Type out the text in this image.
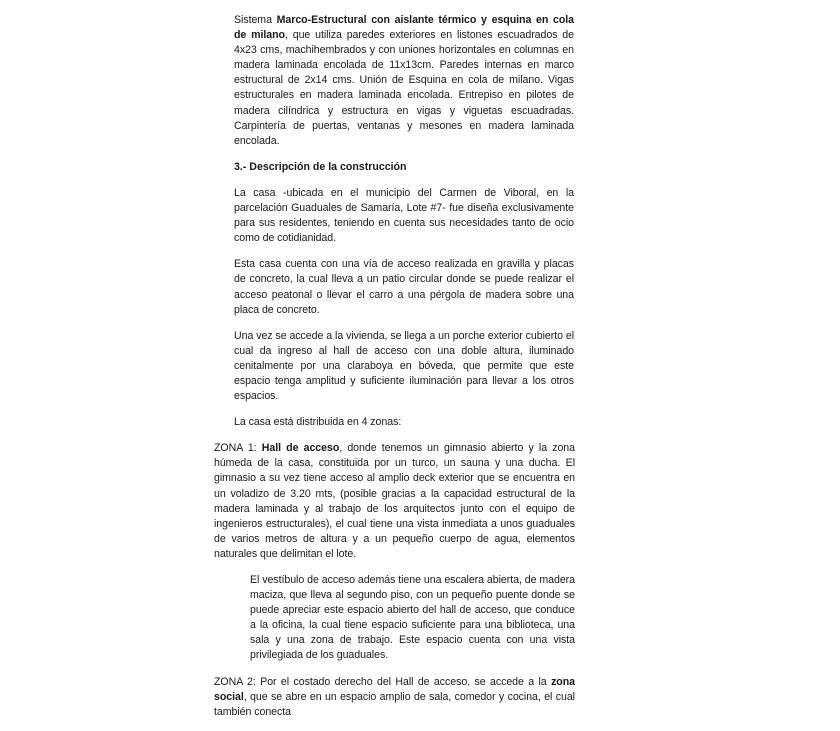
Sistema Marco-Estructural con aislante térmico y esquina en cola de milano, que utiliza paredes exteriores en listones escuadrados de 4x23 cms, machihembrados y con uniones horizontales en columnas en madera laminada encolada de 11x13cm. Paredes internas en marco estructural de 2x14 cms. Unión de Esquina en cola de milano. Vigas estructurales en madera laminada encolada. Entrepiso en pilotes de madera cilíndrica y estructura en vigas y viguetas escuadradas. Carpintería de puertas, ventanas y mesones en madera laminada encolada.

3.- Descripción de la construcción

La casa -ubicada en el municipio del Carmen de Viboral, en la parcelación Guaduales de Samaría, Lote #7- fue diseña exclusivamente para sus residentes, teniendo en cuenta sus necesidades tanto de ocio como de cotidianidad.

Esta casa cuenta con una vía de acceso realizada en gravilla y placas de concreto, la cual lleva a un patio circular donde se puede realizar el acceso peatonal o llevar el carro a una pérgola de madera sobre una placa de concreto.

Una vez se accede a la vivienda, se llega a un porche exterior cubierto el cual da ingreso al hall de acceso con una doble altura, iluminado cenitalmente por una claraboya en bóveda, que permite que este espacio tenga amplitud y suficiente iluminación para llevar a los otros espacios.

La casa está distribuida en 4 zonas:

ZONA 1: Hall de acceso, donde tenemos un gimnasio abierto y la zona húmeda de la casa, constituida por un turco, un sauna y una ducha. El gimnasio a su vez tiene acceso al amplio deck exterior que se encuentra en un voladizo de 3.20 mts, (posible gracias a la capacidad estructural de la madera laminada y al trabajo de los arquitectos junto con el equipo de ingenieros estructurales), el cual tiene una vista inmediata a unos guaduales de varios metros de altura y a un pequeño cuerpo de agua, elementos naturales que delimitan el lote.

El vestíbulo de acceso además tiene una escalera abierta, de madera maciza, que lleva al segundo piso, con un pequeño puente donde se puede apreciar este espacio abierto del hall de acceso, que conduce a la oficina, la cual tiene espacio suficiente para una biblioteca, una sala y una zona de trabajo. Este espacio cuenta con una vista privilegiada de los guaduales.

ZONA 2: Por el costado derecho del Hall de acceso, se accede a la zona social, que se abre en un espacio amplio de sala, comedor y cocina, el cual también conecta
